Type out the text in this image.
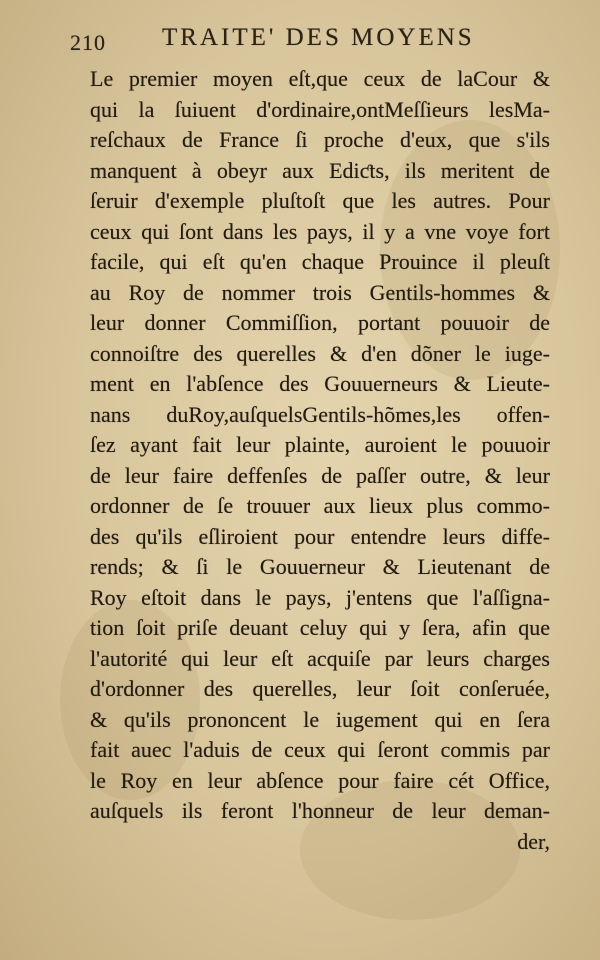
210 TRAITE' DES MOYENS
Le premier moyen eſt,que ceux de laCour &
qui la ſuiuent d'ordinaire,ontMeſſieurs lesMa-
reſchaux de France ſi proche d'eux, que s'ils
manquent à obeyr aux Ediƈts, ils meritent de
ſeruir d'exemple pluſtoſt que les autres. Pour
ceux qui ſont dans les pays, il y a vne voye fort
facile, qui eſt qu'en chaque Prouince il pleuſt
au Roy de nommer trois Gentils-hommes &
leur donner Commiſſion, portant pouuoir de
connoiſtre des querelles & d'en dõner le iuge-
ment en l'abſence des Gouuerneurs & Lieute-
nans duRoy,auſquelsGentils-hõmes,les offen-
ſez ayant fait leur plainte, auroient le pouuoir
de leur faire deffenſes de paſſer outre, & leur
ordonner de ſe trouuer aux lieux plus commo-
des qu'ils eſliroient pour entendre leurs diffe-
rends; & ſi le Gouuerneur & Lieutenant de
Roy eſtoit dans le pays, j'entens que l'aſſigna-
tion ſoit priſe deuant celuy qui y ſera, afin que
l'autorité qui leur eſt acquiſe par leurs charges
d'ordonner des querelles, leur ſoit conſeruée,
& qu'ils prononcent le iugement qui en ſera
fait auec l'aduis de ceux qui ſeront commis par
le Roy en leur abſence pour faire cét Office,
auſquels ils feront l'honneur de leur deman-
der,
